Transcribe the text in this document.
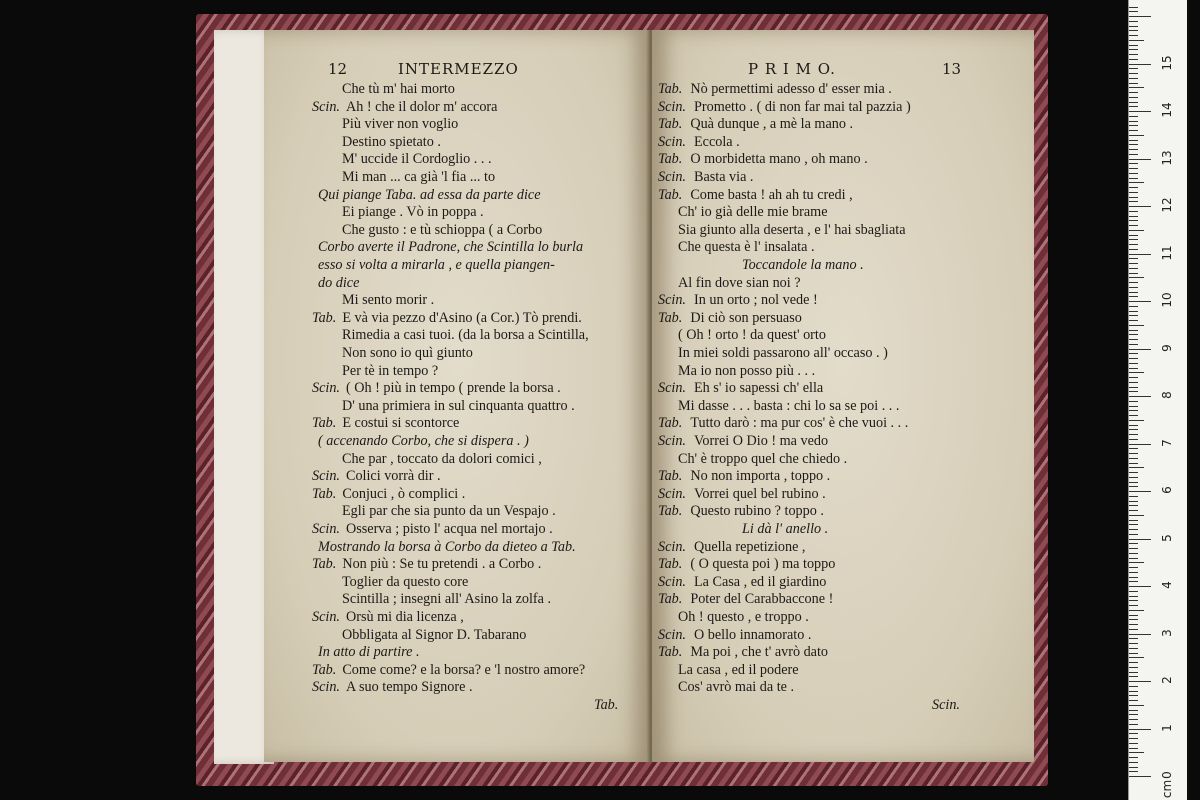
12	INTERMEZZO
Che tù m' hai morto
Scin. Ah ! che il dolor m' accora
Più viver non voglio
Destino spietato .
M' uccide il Cordoglio . . .
Mi man ... ca già 'l fia ... to
Qui piange Taba. ad essa da parte dice
Ei piange . Vò in poppa .
Che gusto : e tù schioppa ( a Corbo
Corbo averte il Padrone, che Scintilla lo burla
esso si volta a mirarla , e quella piangen-
do dice
Mi sento morir .
Tab. E và via pezzo d'Asino (a Cor.) Tò prendi.
Rimedia a casi tuoi. (da la borsa a Scintilla,
Non sono io quì giunto
Per tè in tempo ?
Scin. ( Oh ! più in tempo ( prende la borsa .
D' una primiera in sul cinquanta quattro .
Tab. E costui si scontorce
( accenando Corbo, che si dispera . )
Che par , toccato da dolori comici ,
Scin. Colici vorrà dir .
Tab. Conjuci , ò complici .
Egli par che sia punto da un Vespajo .
Scin. Osserva ; pisto l' acqua nel mortajo .
Mostrando la borsa à Corbo da dieteo a Tab.
Tab. Non più : Se tu pretendi . a Corbo .
Toglier da questo core
Scintilla ; insegni all' Asino la zolfa .
Scin. Orsù mi dia licenza ,
Obbligata al Signor D. Tabarano
In atto di partire .
Tab. Come come? e la borsa? e 'l nostro amore?
Scin. A suo tempo Signore .
Tab.
P R I M O.	13
Tab. Nò permettimi adesso d' esser mia .
Scin. Prometto . ( di non far mai tal pazzia )
Tab. Quà dunque , a mè la mano .
Scin. Eccola .
Tab. O morbidetta mano , oh mano .
Scin. Basta via .
Tab. Come basta ! ah ah tu credi ,
Ch' io già delle mie brame
Sia giunto alla deserta , e l' hai sbagliata
Che questa è l' insalata .
Toccandole la mano .
Al fin dove sian noi ?
Scin. In un orto ; nol vede !
Tab. Di ciò son persuaso
( Oh ! orto ! da quest' orto
In miei soldi passarono all' occaso . )
Ma io non posso più . . .
Scin. Eh s' io sapessi ch' ella
Mi dasse . . . basta : chi lo sa se poi . . .
Tab. Tutto darò : ma pur cos' è che vuoi . . .
Scin. Vorrei O Dio ! ma vedo
Ch' è troppo quel che chiedo .
Tab. No non importa , toppo .
Scin. Vorrei quel bel rubino .
Tab. Questo rubino ? toppo .
Li dà l' anello .
Scin. Quella repetizione ,
Tab. ( O questa poi ) ma toppo
Scin. La Casa , ed il giardino
Tab. Poter del Carabbaccone !
Oh ! questo , e troppo .
Scin. O bello innamorato .
Tab. Ma poi , che t' avrò dato
La casa , ed il podere
Cos' avrò mai da te .
Scin.
0
1
2
3
4
5
6
7
8
9
10
11
12
13
14
15
cm
